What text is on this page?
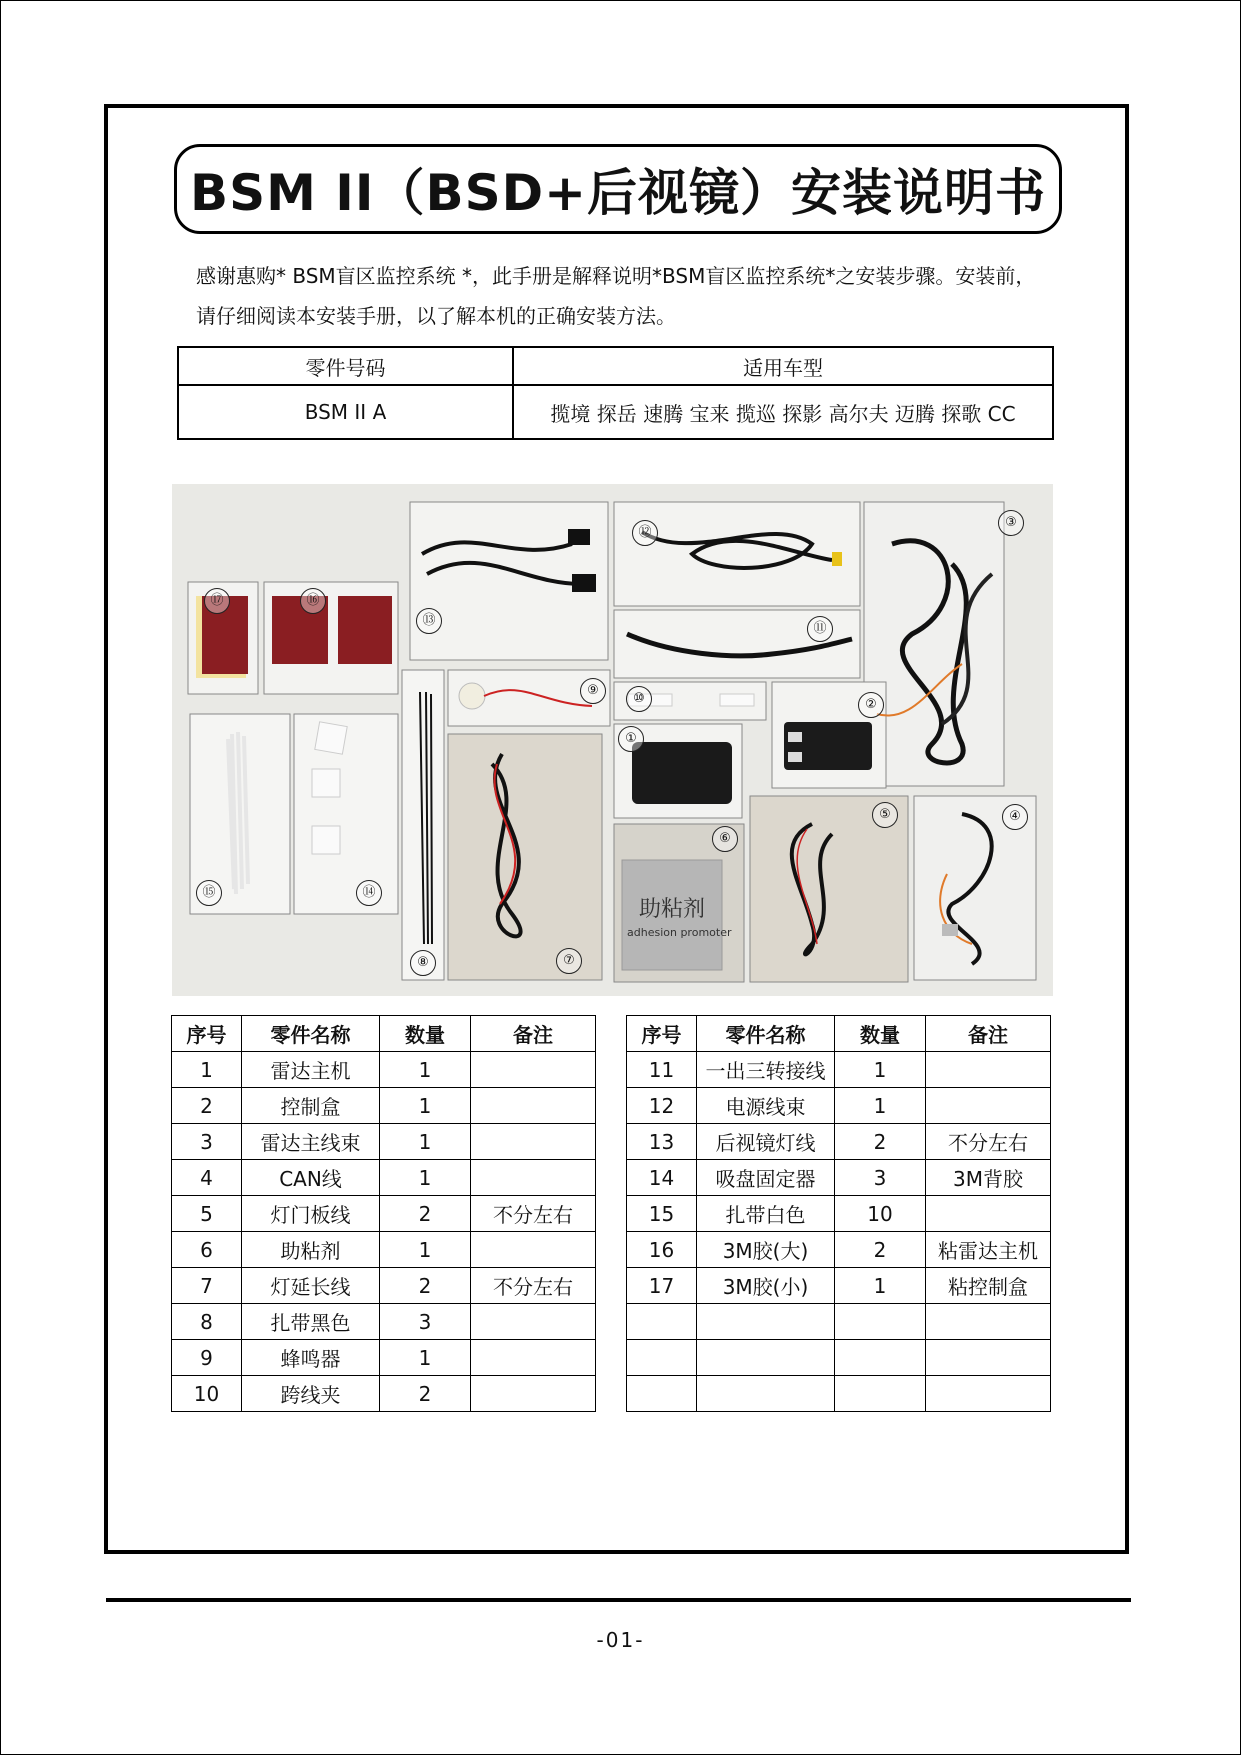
BSM II（BSD+后视镜）安装说明书
感谢惠购* BSM盲区监控系统 *，此手册是解释说明*BSM盲区监控系统*之安装步骤。安装前，请仔细阅读本安装手册，以了解本机的正确安装方法。
零件号码	适用车型
BSM II A	揽境 探岳 速腾 宝来 揽巡 探影 高尔夫 迈腾 探歌 CC
助粘剂
adhesion promoter
①
②
③
④
⑤
⑥
⑦
⑧
⑨
⑩
⑪
⑫
⑬
⑭
⑮
⑯
⑰
序号	零件名称	数量	备注
1	雷达主机	1	
2	控制盒	1	
3	雷达主线束	1	
4	CAN线	1	
5	灯门板线	2	不分左右
6	助粘剂	1	
7	灯延长线	2	不分左右
8	扎带黑色	3	
9	蜂鸣器	1	
10	跨线夹	2	
序号	零件名称	数量	备注
11	一出三转接线	1	
12	电源线束	1	
13	后视镜灯线	2	不分左右
14	吸盘固定器	3	3M背胶
15	扎带白色	10	
16	3M胶(大)	2	粘雷达主机
17	3M胶(小)	1	粘控制盒

-01-
